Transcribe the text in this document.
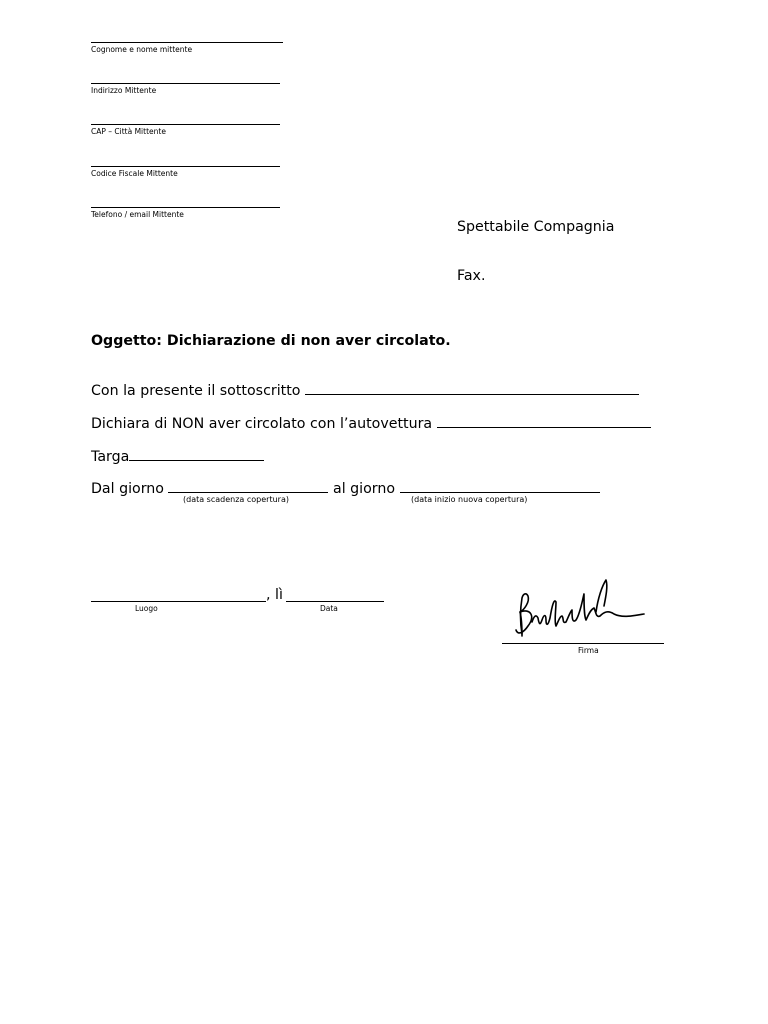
Cognome e nome mittente
Indirizzo Mittente
CAP – Città Mittente
Codice Fiscale Mittente
Telefono / email Mittente
Spettabile Compagnia
Fax.
Oggetto: Dichiarazione di non aver circolato.
Con la presente il sottoscritto
Dichiara di NON aver circolato con l’autovettura
Targa
Dal giorno	al giorno
(data scadenza copertura)	(data inizio nuova copertura)
, lì
Luogo	Data
Firma
